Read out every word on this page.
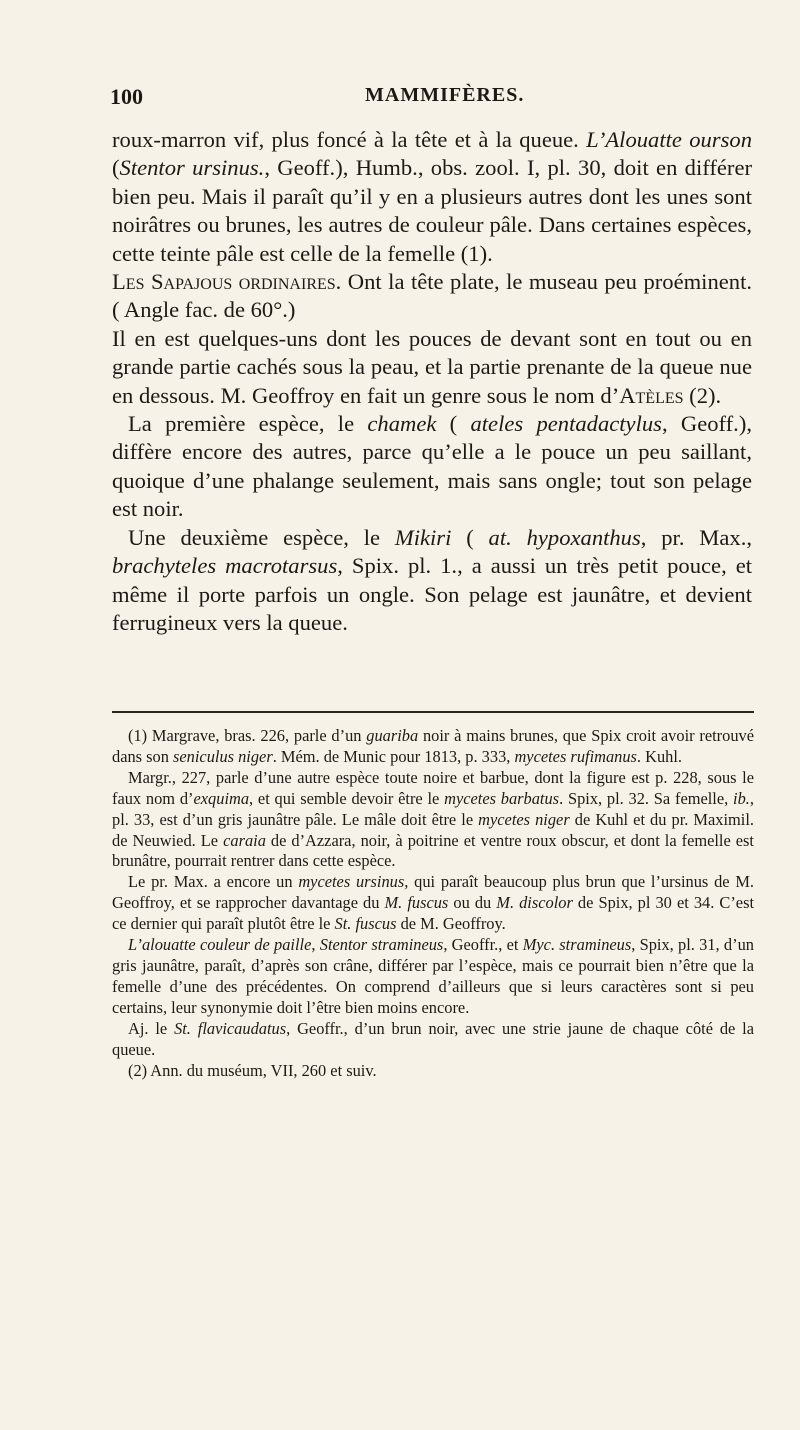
100	MAMMIFÈRES.

roux-marron vif, plus foncé à la tête et à la queue. L’Alouatte ourson (Stentor ursinus., Geoff.), Humb., obs. zool. I, pl. 30, doit en différer bien peu. Mais il paraît qu’il y en a plusieurs autres dont les unes sont noirâtres ou brunes, les autres de couleur pâle. Dans certaines espèces, cette teinte pâle est celle de la femelle (1).

Les Sapajous ordinaires. Ont la tête plate, le museau peu proéminent. ( Angle fac. de 60°.)

Il en est quelques-uns dont les pouces de devant sont en tout ou en grande partie cachés sous la peau, et la partie prenante de la queue nue en dessous. M. Geoffroy en fait un genre sous le nom d’Atèles (2).

La première espèce, le chamek ( ateles pentadactylus, Geoff.), diffère encore des autres, parce qu’elle a le pouce un peu saillant, quoique d’une phalange seulement, mais sans ongle; tout son pelage est noir.

Une deuxième espèce, le Mikiri ( at. hypoxanthus, pr. Max., brachyteles macrotarsus, Spix. pl. 1., a aussi un très petit pouce, et même il porte parfois un ongle. Son pelage est jaunâtre, et devient ferrugineux vers la queue.

(1) Margrave, bras. 226, parle d’un guariba noir à mains brunes, que Spix croit avoir retrouvé dans son seniculus niger. Mém. de Munic pour 1813, p. 333, mycetes rufimanus. Kuhl.

Margr., 227, parle d’une autre espèce toute noire et barbue, dont la figure est p. 228, sous le faux nom d’exquima, et qui semble devoir être le mycetes barbatus. Spix, pl. 32. Sa femelle, ib., pl. 33, est d’un gris jaunâtre pâle. Le mâle doit être le mycetes niger de Kuhl et du pr. Maximil. de Neuwied. Le caraia de d’Azzara, noir, à poitrine et ventre roux obscur, et dont la femelle est brunâtre, pourrait rentrer dans cette espèce.

Le pr. Max. a encore un mycetes ursinus, qui paraît beaucoup plus brun que l’ursinus de M. Geoffroy, et se rapprocher davantage du M. fuscus ou du M. discolor de Spix, pl 30 et 34. C’est ce dernier qui paraît plutôt être le St. fuscus de M. Geoffroy.

L’alouatte couleur de paille, Stentor stramineus, Geoffr., et Myc. stramineus, Spix, pl. 31, d’un gris jaunâtre, paraît, d’après son crâne, différer par l’espèce, mais ce pourrait bien n’être que la femelle d’une des précédentes. On comprend d’ailleurs que si leurs caractères sont si peu certains, leur synonymie doit l’être bien moins encore.

Aj. le St. flavicaudatus, Geoffr., d’un brun noir, avec une strie jaune de chaque côté de la queue.

(2) Ann. du muséum, VII, 260 et suiv.
